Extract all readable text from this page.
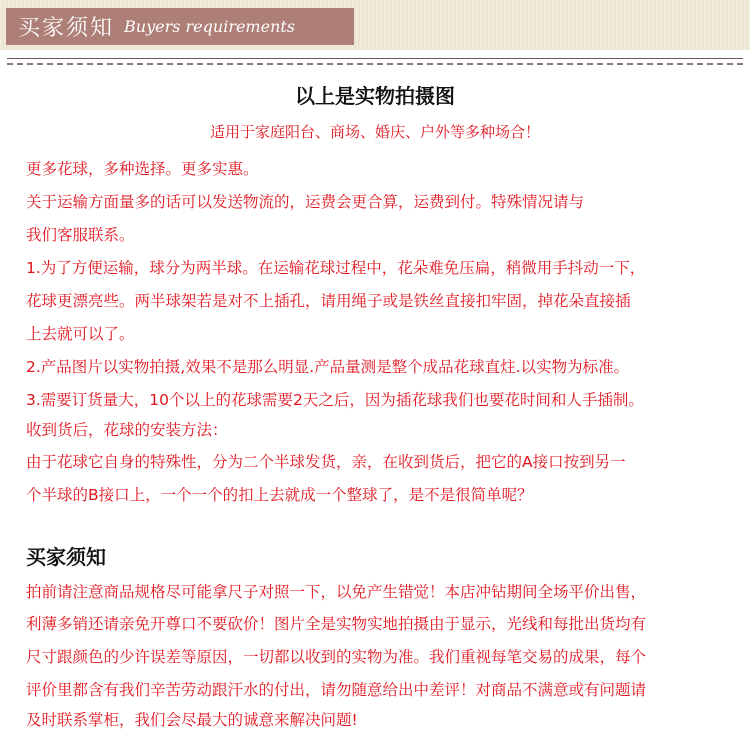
买家须知 Buyers requirements
以上是实物拍摄图
适用于家庭阳台、商场、婚庆、户外等多种场合！
更多花球，多种选择。更多实惠。
关于运输方面量多的话可以发送物流的，运费会更合算，运费到付。特殊情况请与
我们客服联系。
1.为了方便运输，球分为两半球。在运输花球过程中，花朵难免压扁，稍微用手抖动一下，
花球更漂亮些。两半球架若是对不上插孔，请用绳子或是铁丝直接扣牢固，掉花朵直接插
上去就可以了。
2.产品图片以实物拍摄,效果不是那么明显.产品量测是整个成品花球直炷.以实物为标准。
3.需要订货量大，10个以上的花球需要2天之后，因为插花球我们也要花时间和人手插制。
收到货后，花球的安装方法：
由于花球它自身的特殊性，分为二个半球发货，亲，在收到货后，把它的A接口按到另一
个半球的B接口上，一个一个的扣上去就成一个整球了，是不是很简单呢？
买家须知
拍前请注意商品规格尽可能拿尺子对照一下，以免产生错觉！本店冲钻期间全场平价出售，
利薄多销还请亲免开尊口不要砍价！图片全是实物实地拍摄由于显示，光线和每批出货均有
尺寸跟颜色的少许误差等原因，一切都以收到的实物为准。我们重视每笔交易的成果，每个
评价里都含有我们辛苦劳动跟汗水的付出，请勿随意给出中差评！对商品不满意或有问题请
及时联系掌柜，我们会尽最大的诚意来解决问题!
